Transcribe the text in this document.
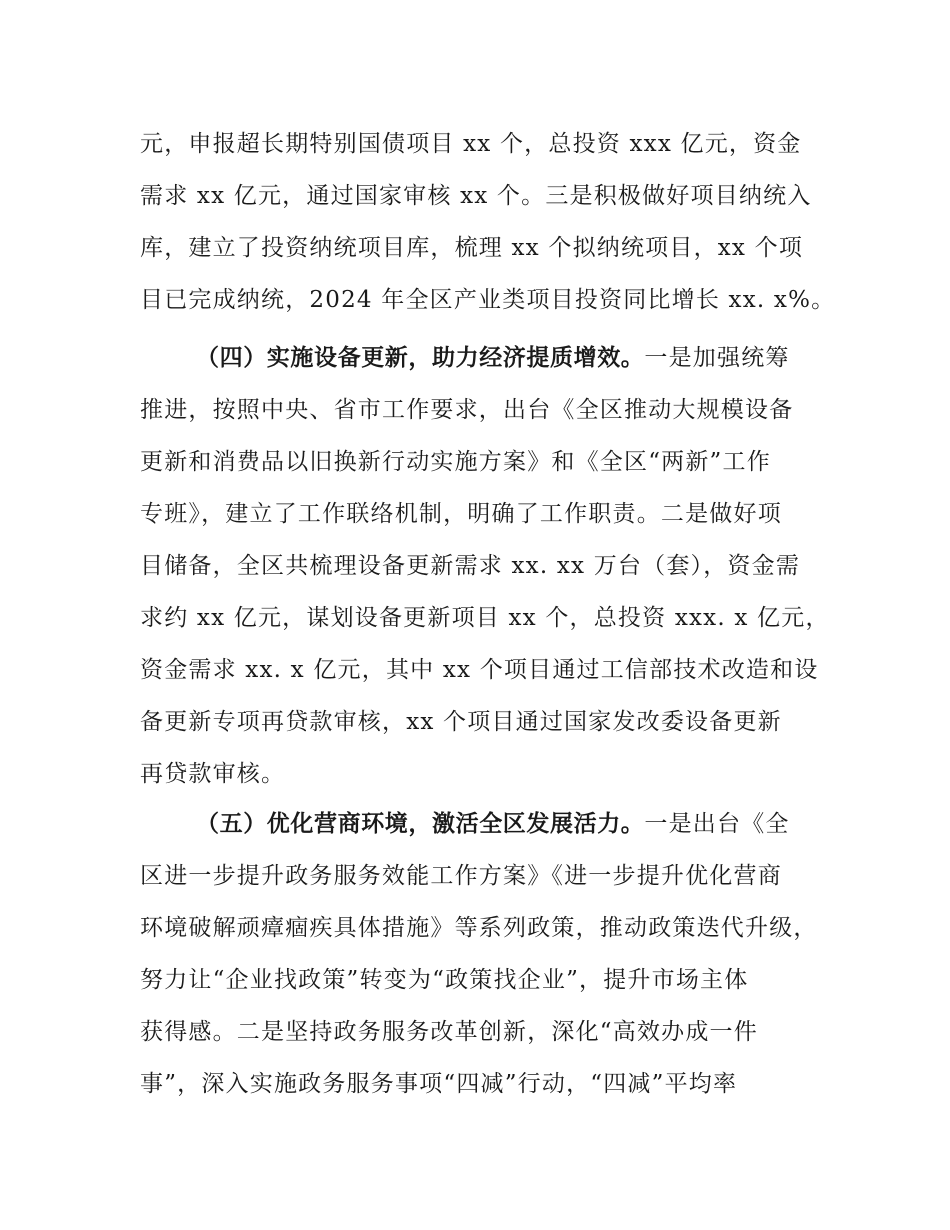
元，申报超长期特别国债项目 xx 个，总投资 xxx 亿元，资金
需求 xx 亿元，通过国家审核 xx 个。三是积极做好项目纳统入
库，建立了投资纳统项目库，梳理 xx 个拟纳统项目，xx 个项
目已完成纳统，2024 年全区产业类项目投资同比增长 xx. x%。
（四）实施设备更新，助力经济提质增效。一是加强统筹
推进，按照中央、省市工作要求，出台《全区推动大规模设备
更新和消费品以旧换新行动实施方案》和《全区“两新”工作
专班》，建立了工作联络机制，明确了工作职责。二是做好项
目储备，全区共梳理设备更新需求 xx. xx 万台（套），资金需
求约 xx 亿元，谋划设备更新项目 xx 个，总投资 xxx. x 亿元，
资金需求 xx. x 亿元，其中 xx 个项目通过工信部技术改造和设
备更新专项再贷款审核，xx 个项目通过国家发改委设备更新
再贷款审核。
（五）优化营商环境，激活全区发展活力。一是出台《全
区进一步提升政务服务效能工作方案》《进一步提升优化营商
环境破解顽瘴痼疾具体措施》等系列政策，推动政策迭代升级，
努力让“企业找政策”转变为“政策找企业”，提升市场主体
获得感。二是坚持政务服务改革创新，深化“高效办成一件
事”，深入实施政务服务事项“四减”行动，“四减”平均率
